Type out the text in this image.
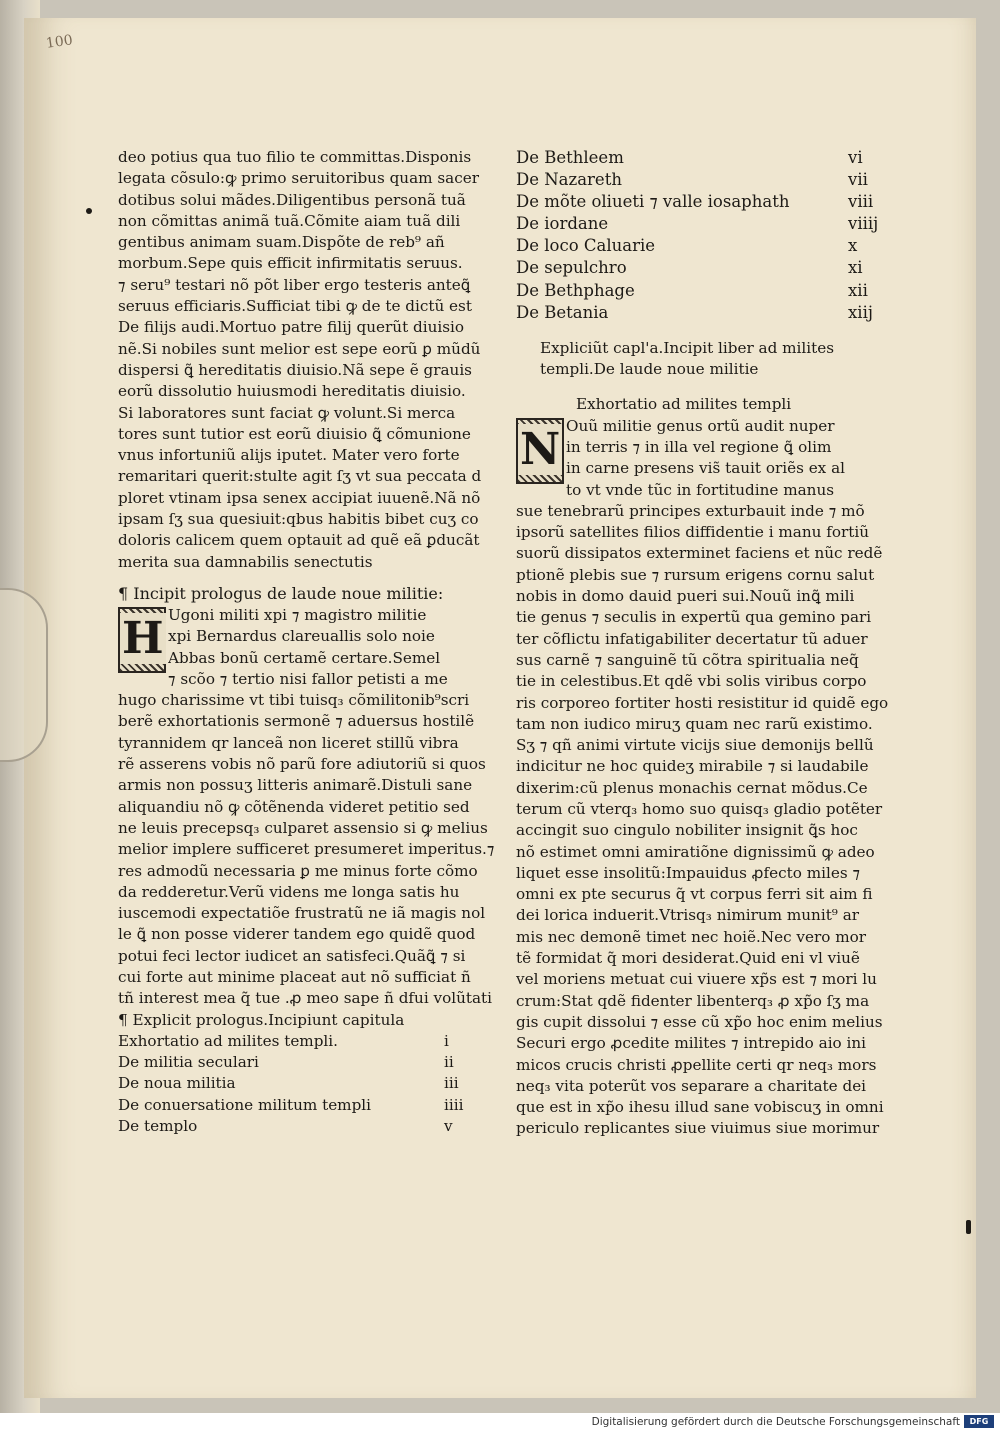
100
deo potius qua tuo filio te committas.Disponis
legata cõsulo:ꝙ primo seruitoribus quam sacer
dotibus solui mãdes.Diligentibus personã tuã
non cõmittas animã tuã.Cõmite aiam tuã dili
gentibus animam suam.Dispõte de reb⁹ añ
morbum.Sepe quis efficit infirmitatis seruus.
⁊ seru⁹ testari nõ põt liber ergo testeris anteꝗ̃
seruus efficiaris.Sufficiat tibi ꝙ de te dictũ est
De filijs audi.Mortuo patre filij querũt diuisio
nẽ.Si nobiles sunt melior est sepe eorũ ꝑ mũdũ
dispersi ꝗ̃ hereditatis diuisio.Nã sepe ẽ grauis
eorũ dissolutio huiusmodi hereditatis diuisio.
Si laboratores sunt faciat ꝙ volunt.Si merca
tores sunt tutior est eorũ diuisio ꝗ̃ cõmunione
vnus infortuniũ alijs iputet. Mater vero forte
remaritari querit:stulte agit ſʒ vt sua peccata d
ploret vtinam ipsa senex accipiat iuuenẽ.Nã nõ
ipsam ſʒ sua quesiuit:qbus habitis bibet cuʒ co
doloris calicem quem optauit ad quẽ eã ꝑducãt
merita sua damnabilis senectutis
¶ Incipit prologus de laude noue militie:
H Ugoni militi xpi ⁊ magistro militie
xpi Bernardus clareuallis solo noie
Abbas bonũ certamẽ certare.Semel
⁊ scõo ⁊ tertio nisi fallor petisti a me
hugo charissime vt tibi tuisq₃ cõmilitonib⁹scri
berẽ exhortationis sermonẽ ⁊ aduersus hostilẽ
tyrannidem qr lanceã non liceret stillũ vibra
rẽ asserens vobis nõ parũ fore adiutoriũ si quos
armis non possuʒ litteris animarẽ.Distuli sane
aliquandiu nõ ꝙ cõtẽnenda videret petitio sed
ne leuis precepsq₃ culparet assensio si ꝙ melius
melior implere sufficeret presumeret imperitus.⁊
res admodũ necessaria ꝑ me minus forte cõmo
da redderetur.Verũ videns me longa satis hu
iuscemodi expectatiõe frustratũ ne iã magis nol
le ꝗ̃ non posse viderer tandem ego quidẽ quod
potui feci lector iudicet an satisfeci.Quãꝗ̃ ⁊ si
cui forte aut minime placeat aut nõ sufficiat ñ
tñ interest mea q̃ tue .ꝓ meo sape ñ dfui volũtati
¶ Explicit prologus.Incipiunt capitula
Exhortatio ad milites templi.	i
De militia seculari	ii
De noua militia	iii
De conuersatione militum templi	iiii
De templo	v
De Bethleem	vi
De Nazareth	vii
De mõte oliueti ⁊ valle iosaphath	viii
De iordane	viiij
De loco Caluarie	x
De sepulchro	xi
De Bethphage	xii
De Betania	xiij
Expliciũt capl'a.Incipit liber ad milites
templi.De laude noue militie
Exhortatio ad milites templi
N Ouũ militie genus ortũ audit nuper
in terris ⁊ in illa vel regione ꝗ̃ olim
in carne presens vis̃ tauit oriẽs ex al
to vt vnde tũc in fortitudine manus
sue tenebrarũ principes exturbauit inde ⁊ mõ
ipsorũ satellites filios diffidentie i manu fortiũ
suorũ dissipatos exterminet faciens et nũc redẽ
ptionẽ plebis sue ⁊ rursum erigens cornu salut
nobis in domo dauid pueri sui.Nouũ inꝗ̃ mili
tie genus ⁊ seculis in expertũ qua gemino pari
ter cõflictu infatigabiliter decertatur tũ aduer
sus carnẽ ⁊ sanguinẽ tũ cõtra spiritualia neq̃
tie in celestibus.Et qdẽ vbi solis viribus corpo
ris corporeo fortiter hosti resistitur id quidẽ ego
tam non iudico miruʒ quam nec rarũ existimo.
Sʒ ⁊ qñ animi virtute vicijs siue demonijs bellũ
indicitur ne hoc quideʒ mirabile ⁊ si laudabile
dixerim:cũ plenus monachis cernat mõdus.Ce
terum cũ vterq₃ homo suo quisq₃ gladio potẽter
accingit suo cingulo nobiliter insignit ꝗ̃s hoc
nõ estimet omni amiratiõne dignissimũ ꝙ adeo
liquet esse insolitũ:Impauidus ꝓfecto miles ⁊
omni ex pte securus q̃ vt corpus ferri sit aim fi
dei lorica induerit.Vtrisq₃ nimirum munit⁹ ar
mis nec demonẽ timet nec hoiẽ.Nec vero mor
tẽ formidat q̃ mori desiderat.Quid eni vl viuẽ
vel moriens metuat cui viuere xp̃s est ⁊ mori lu
crum:Stat qdẽ fidenter libenterq₃ ꝓ xp̃o ſʒ ma
gis cupit dissolui ⁊ esse cũ xp̃o hoc enim melius
Securi ergo ꝓcedite milites ⁊ intrepido aio ini
micos crucis christi ꝓpellite certi qr neq₃ mors
neq₃ vita poterũt vos separare a charitate dei
que est in xp̃o ihesu illud sane vobiscuʒ in omni
periculo replicantes siue viuimus siue morimur
Digitalisierung gefördert durch die Deutsche Forschungsgemeinschaft	DFG
